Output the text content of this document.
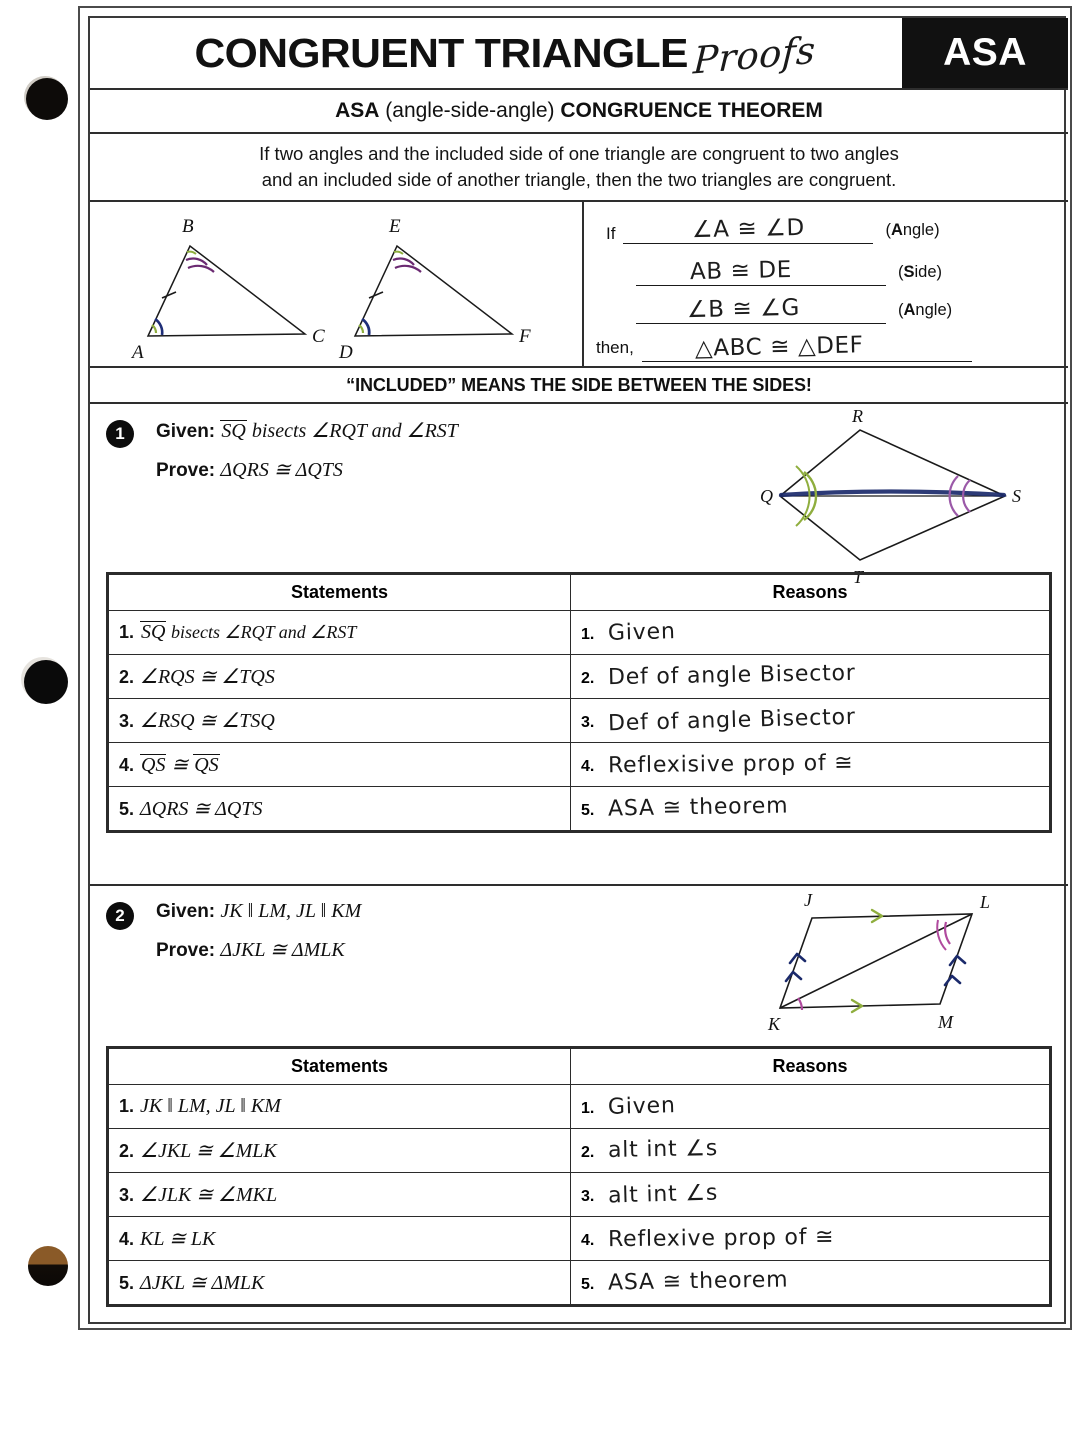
CONGRUENT TRIANGLE Proofs	ASA
ASA
(angle-side-angle)
CONGRUENCE THEOREM
If two angles and the included side of one triangle are congruent to two angles
and an included side of another triangle, then the two triangles are congruent.
B
A
C
E
D
F
If	∠A ≅ ∠D	(Angle)
AB ≅ DE	(Side)
∠B ≅ ∠G	(Angle)
then,	△ABC ≅ △DEF
“INCLUDED” MEANS THE SIDE BETWEEN THE SIDES!
1	Given: SQ bisects ∠RQT and ∠RST
Prove: ΔQRS ≅ ΔQTS
R
Q	S
T
Statements	Reasons
1. SQ bisects ∠RQT and ∠RST	1. Given
2. ∠RQS ≅ ∠TQS	2. Def of angle Bisector
3. ∠RSQ ≅ ∠TSQ	3. Def of angle Bisector
4. QS ≅ QS	4. Reflexisive prop of ≅
5. ΔQRS ≅ ΔQTS	5. ASA ≅ theorem
2	Given: JK ‖ LM, JL ‖ KM
Prove: ΔJKL ≅ ΔMLK
J	L
K	M
Statements	Reasons
1. JK ‖ LM, JL ‖ KM	1. Given
2. ∠JKL ≅ ∠MLK	2. alt int ∠s
3. ∠JLK ≅ ∠MKL	3. alt int ∠s
4. KL ≅ LK	4. Reflexive prop of ≅
5. ΔJKL ≅ ΔMLK	5. ASA ≅ theorem
